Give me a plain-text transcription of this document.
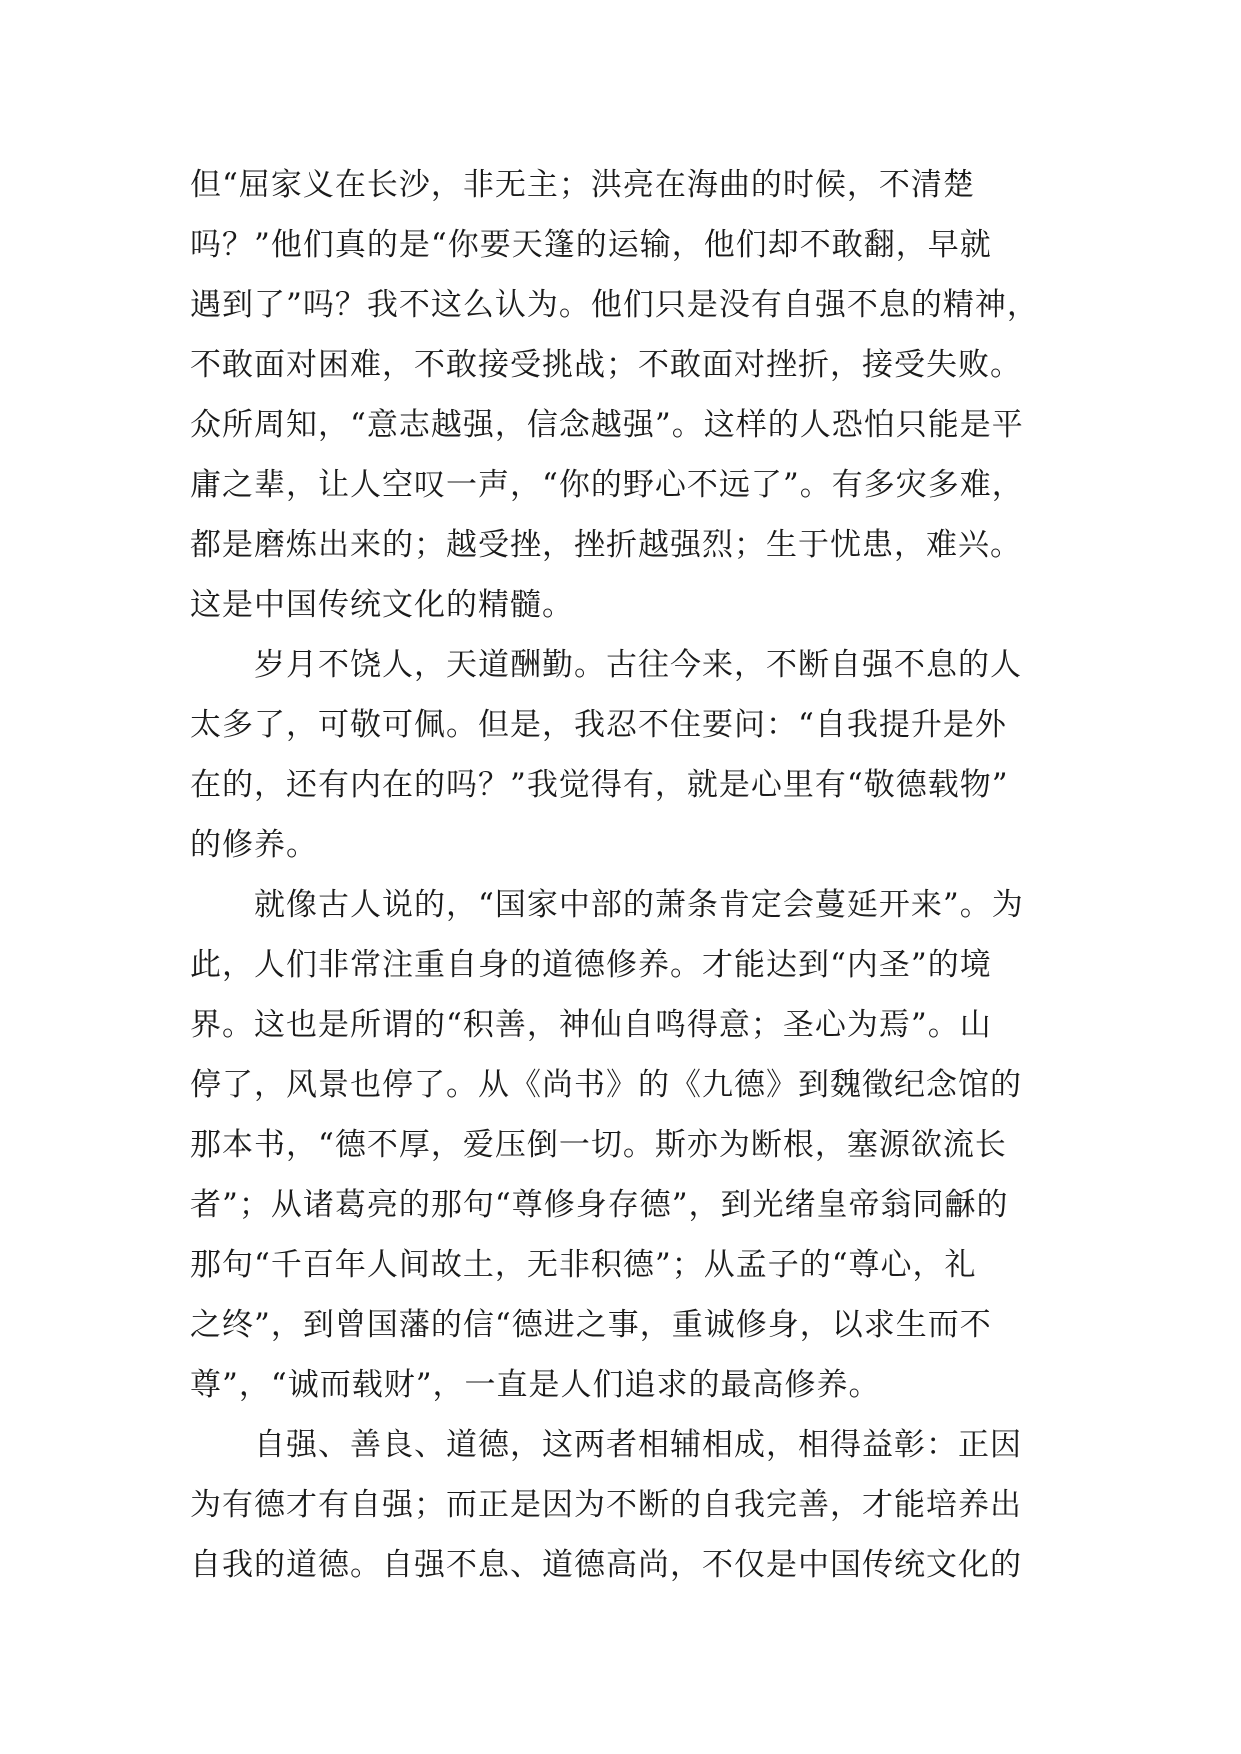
但“屈家义在长沙，非无主；洪亮在海曲的时候，不清楚
吗？”他们真的是“你要天篷的运输，他们却不敢翻，早就
遇到了”吗？我不这么认为。他们只是没有自强不息的精神，
不敢面对困难，不敢接受挑战；不敢面对挫折，接受失败。
众所周知，“意志越强，信念越强”。这样的人恐怕只能是平
庸之辈，让人空叹一声，“你的野心不远了”。有多灾多难，
都是磨炼出来的；越受挫，挫折越强烈；生于忧患，难兴。
这是中国传统文化的精髓。
岁月不饶人，天道酬勤。古往今来，不断自强不息的人
太多了，可敬可佩。但是，我忍不住要问：“自我提升是外
在的，还有内在的吗？”我觉得有，就是心里有“敬德载物”
的修养。
就像古人说的，“国家中部的萧条肯定会蔓延开来”。为
此，人们非常注重自身的道德修养。才能达到“内圣”的境
界。这也是所谓的“积善，神仙自鸣得意；圣心为焉”。山
停了，风景也停了。从《尚书》的《九德》到魏徵纪念馆的
那本书，“德不厚，爱压倒一切。斯亦为断根，塞源欲流长
者”；从诸葛亮的那句“尊修身存德”，到光绪皇帝翁同龢的
那句“千百年人间故土，无非积德”；从孟子的“尊心，礼
之终”，到曾国藩的信“德进之事，重诚修身，以求生而不
尊”，“诚而载财”，一直是人们追求的最高修养。
自强、善良、道德，这两者相辅相成，相得益彰：正因
为有德才有自强；而正是因为不断的自我完善，才能培养出
自我的道德。自强不息、道德高尚，不仅是中国传统文化的
